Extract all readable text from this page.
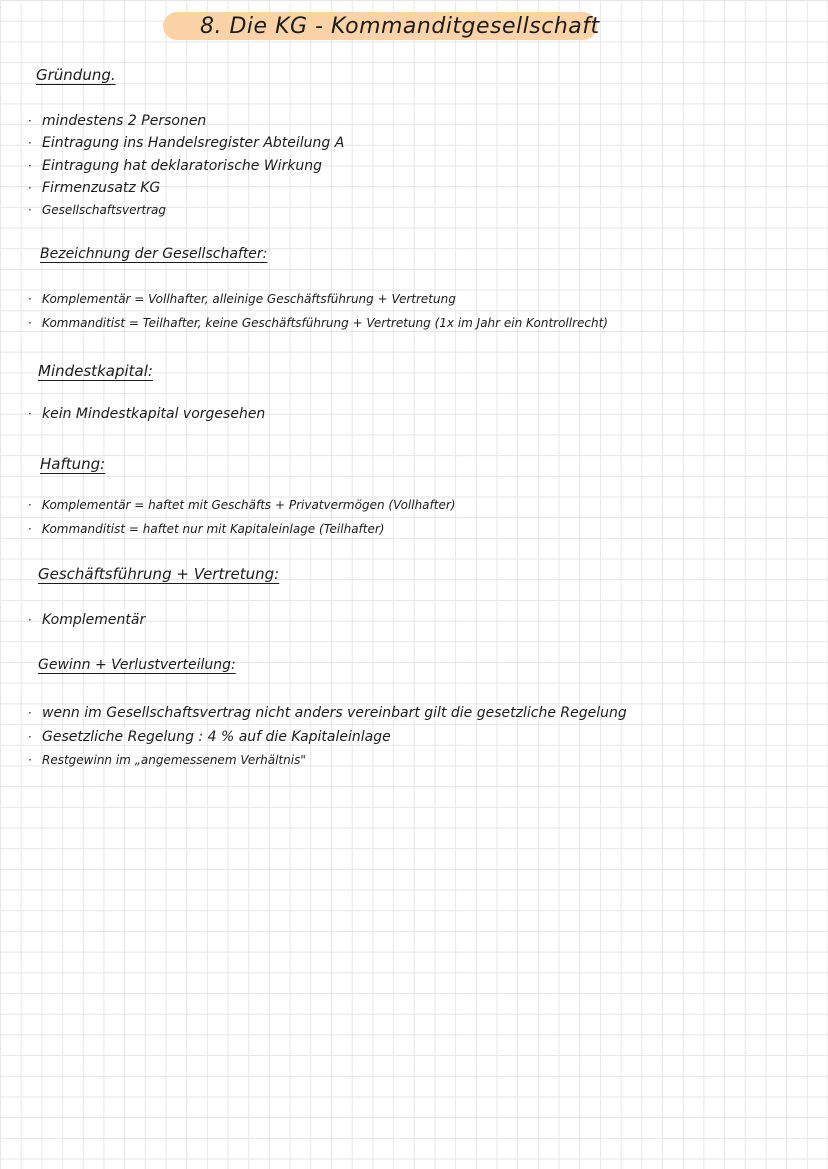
8. Die KG - Kommanditgesellschaft
Gründung.
· mindestens 2 Personen
· Eintragung ins Handelsregister Abteilung A
· Eintragung hat deklaratorische Wirkung
· Firmenzusatz KG
· Gesellschaftsvertrag
Bezeichnung der Gesellschafter:
· Komplementär = Vollhafter, alleinige Geschäftsführung + Vertretung
· Kommanditist = Teilhafter, keine Geschäftsführung + Vertretung (1x im Jahr ein Kontrollrecht)
Mindestkapital:
· kein Mindestkapital vorgesehen
Haftung:
· Komplementär = haftet mit Geschäfts + Privatvermögen (Vollhafter)
· Kommanditist = haftet nur mit Kapitaleinlage (Teilhafter)
Geschäftsführung + Vertretung:
· Komplementär
Gewinn + Verlustverteilung:
· wenn im Gesellschaftsvertrag nicht anders vereinbart gilt die gesetzliche Regelung
· Gesetzliche Regelung : 4 % auf die Kapitaleinlage
· Restgewinn im „angemessenem Verhältnis"
